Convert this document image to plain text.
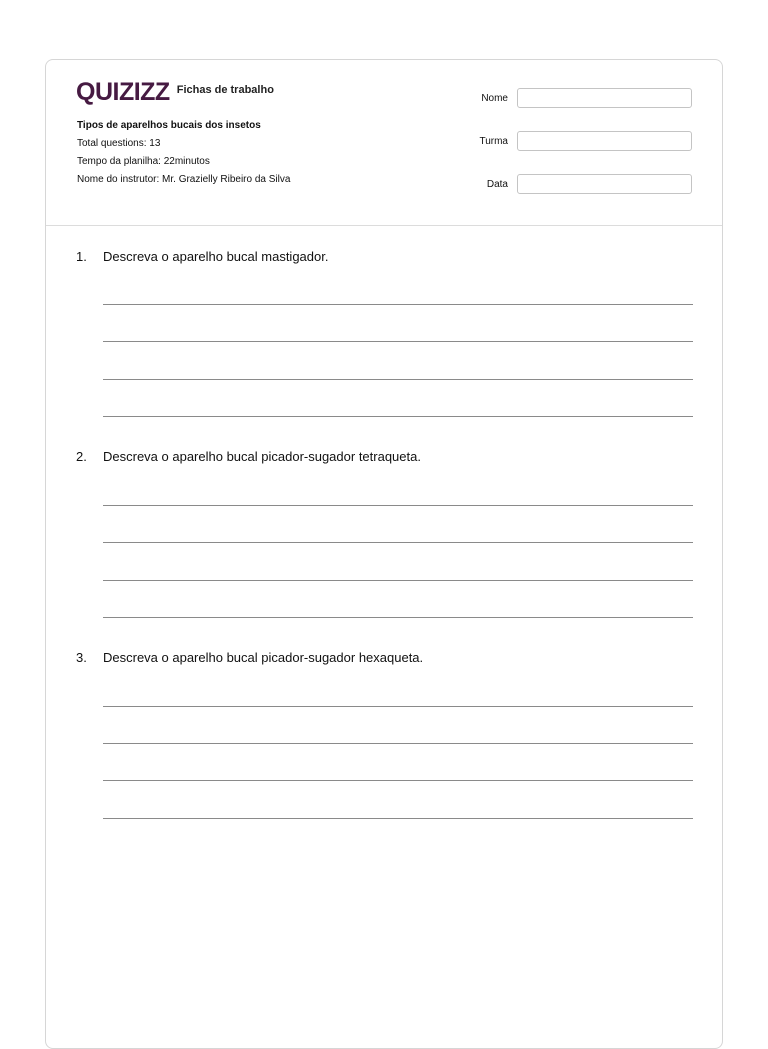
QUIZIZZ Fichas de trabalho
Tipos de aparelhos bucais dos insetos
Total questions: 13
Tempo da planilha: 22minutos
Nome do instrutor: Mr. Grazielly Ribeiro da Silva
Nome
Turma
Data
1.	Descreva o aparelho bucal mastigador.
2.	Descreva o aparelho bucal picador-sugador tetraqueta.
3.	Descreva o aparelho bucal picador-sugador hexaqueta.
